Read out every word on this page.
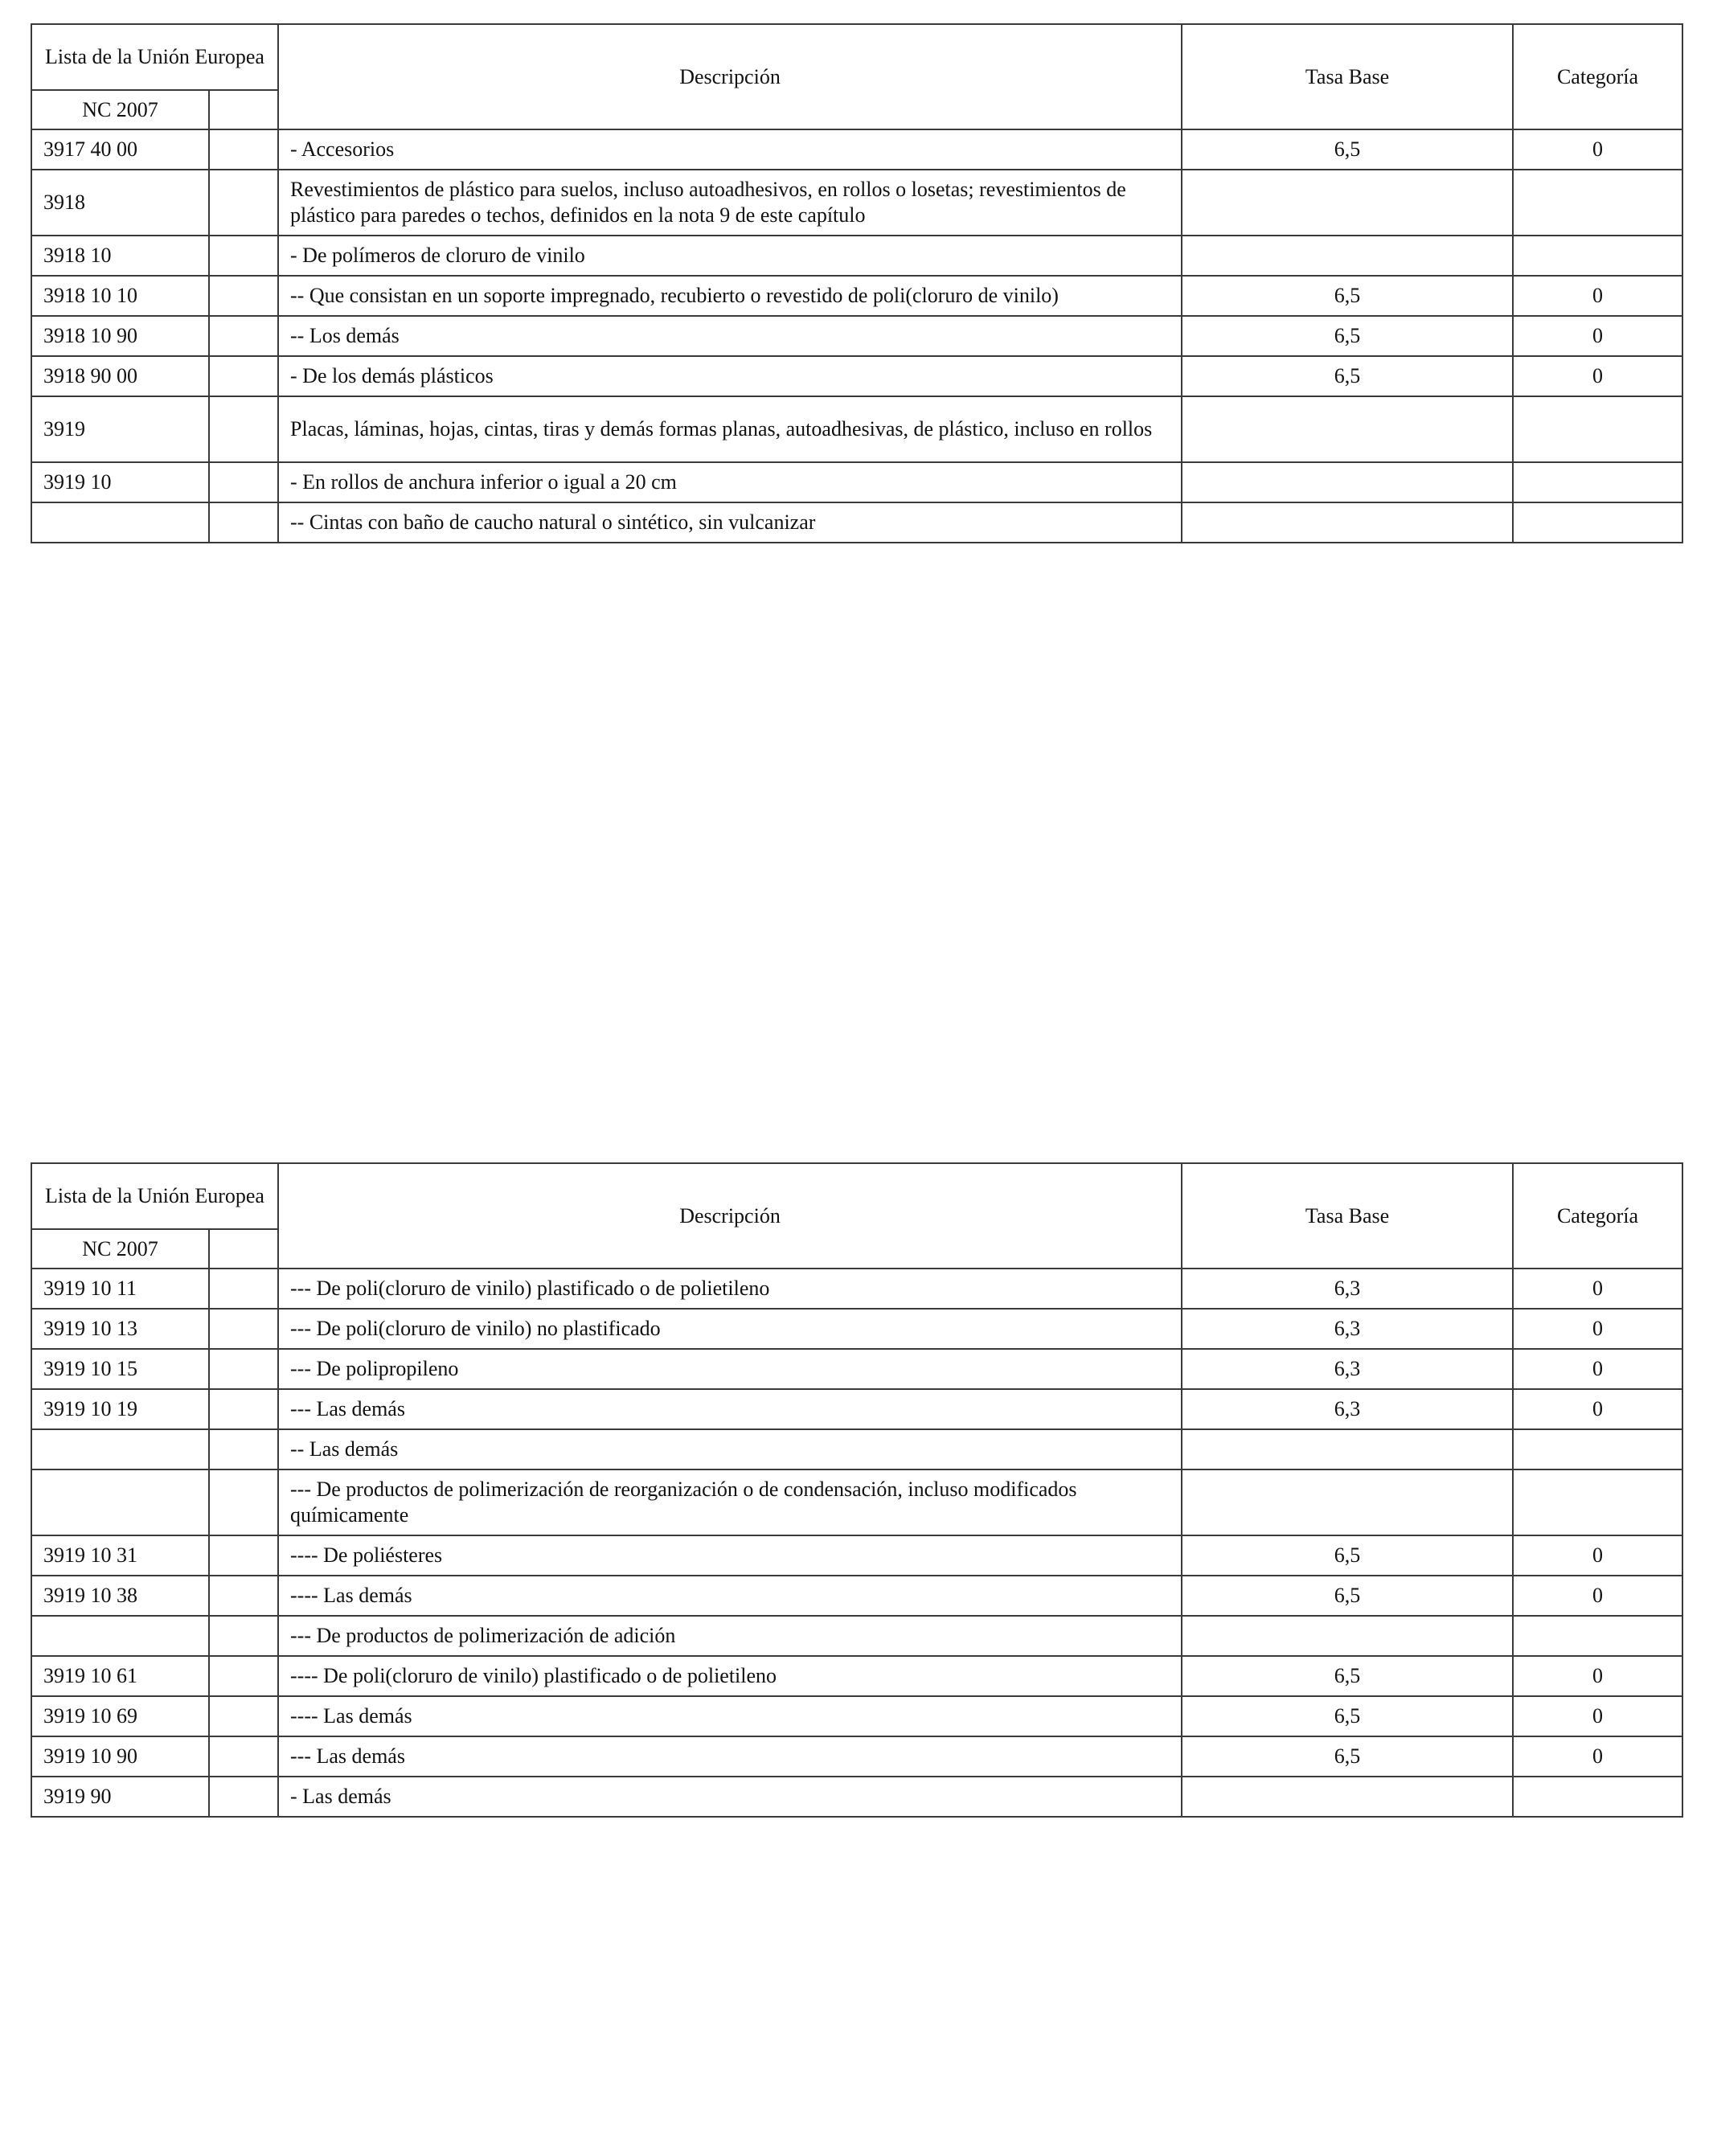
Lista de la Unión Europea		Descripción	Tasa Base	Categoría
NC 2007				
3917 40 00		- Accesorios	6,5	0
3918		Revestimientos de plástico para suelos, incluso autoadhesivos, en rollos o losetas; revestimientos de plástico para paredes o techos, definidos en la nota 9 de este capítulo		
3918 10		- De polímeros de cloruro de vinilo		
3918 10 10		-- Que consistan en un soporte impregnado, recubierto o revestido de poli(cloruro de vinilo)	6,5	0
3918 10 90		-- Los demás	6,5	0
3918 90 00		- De los demás plásticos	6,5	0
3919		Placas, láminas, hojas, cintas, tiras y demás formas planas, autoadhesivas, de plástico, incluso en rollos		
3919 10		- En rollos de anchura inferior o igual a 20 cm		
		-- Cintas con baño de caucho natural o sintético, sin vulcanizar		
Lista de la Unión Europea		Descripción	Tasa Base	Categoría
NC 2007				
3919 10 11		--- De poli(cloruro de vinilo) plastificado o de polietileno	6,3	0
3919 10 13		--- De poli(cloruro de vinilo) no plastificado	6,3	0
3919 10 15		--- De polipropileno	6,3	0
3919 10 19		--- Las demás	6,3	0
		-- Las demás		
		--- De productos de polimerización de reorganización o de condensación, incluso modificados químicamente		
3919 10 31		---- De poliésteres	6,5	0
3919 10 38		---- Las demás	6,5	0
		--- De productos de polimerización de adición		
3919 10 61		---- De poli(cloruro de vinilo) plastificado o de polietileno	6,5	0
3919 10 69		---- Las demás	6,5	0
3919 10 90		--- Las demás	6,5	0
3919 90		- Las demás		
